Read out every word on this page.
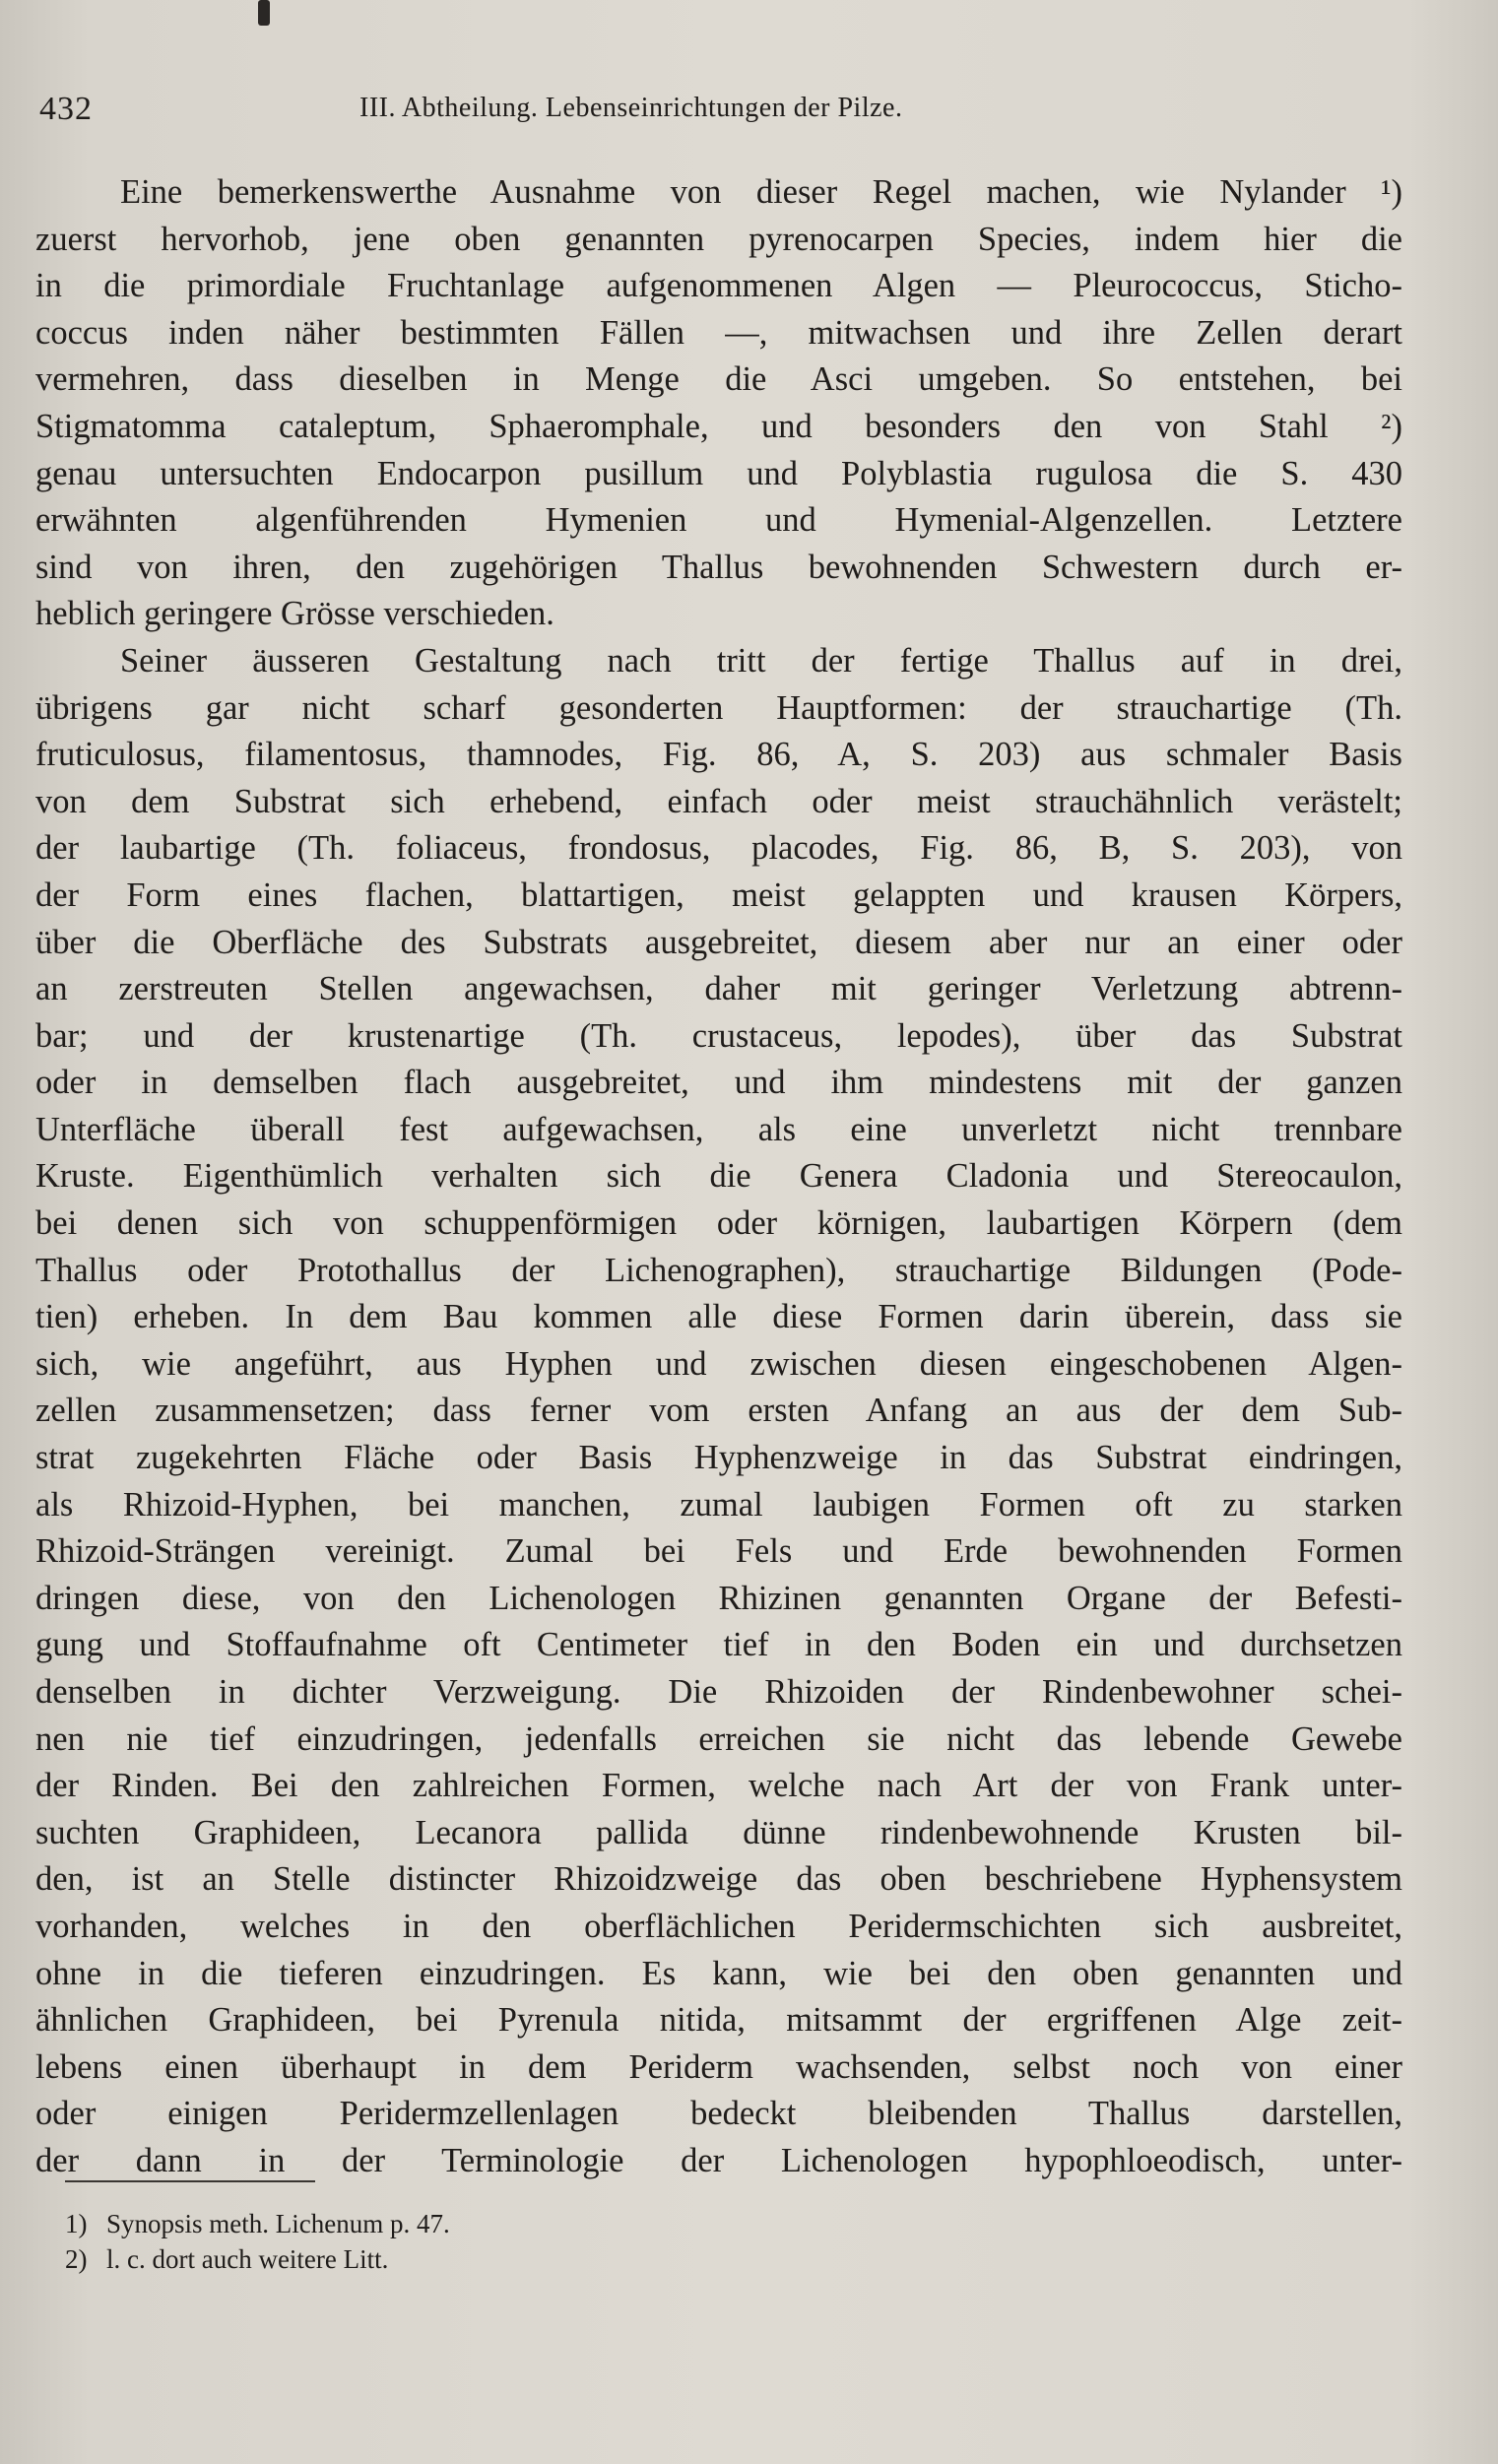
432	III. Abtheilung. Lebenseinrichtungen der Pilze.
Eine bemerkenswerthe Ausnahme von dieser Regel machen, wie Nylander ¹)
zuerst hervorhob, jene oben genannten pyrenocarpen Species, indem hier die
in die primordiale Fruchtanlage aufgenommenen Algen — Pleurococcus, Sticho-
coccus inden näher bestimmten Fällen —, mitwachsen und ihre Zellen derart
vermehren, dass dieselben in Menge die Asci umgeben. So entstehen, bei
Stigmatomma cataleptum, Sphaeromphale, und besonders den von Stahl ²)
genau untersuchten Endocarpon pusillum und Polyblastia rugulosa die S. 430
erwähnten algenführenden Hymenien und Hymenial-Algenzellen. Letztere
sind von ihren, den zugehörigen Thallus bewohnenden Schwestern durch er-
heblich geringere Grösse verschieden.
Seiner äusseren Gestaltung nach tritt der fertige Thallus auf in drei,
übrigens gar nicht scharf gesonderten Hauptformen: der strauchartige (Th.
fruticulosus, filamentosus, thamnodes, Fig. 86, A, S. 203) aus schmaler Basis
von dem Substrat sich erhebend, einfach oder meist strauchähnlich verästelt;
der laubartige (Th. foliaceus, frondosus, placodes, Fig. 86, B, S. 203), von
der Form eines flachen, blattartigen, meist gelappten und krausen Körpers,
über die Oberfläche des Substrats ausgebreitet, diesem aber nur an einer oder
an zerstreuten Stellen angewachsen, daher mit geringer Verletzung abtrenn-
bar; und der krustenartige (Th. crustaceus, lepodes), über das Substrat
oder in demselben flach ausgebreitet, und ihm mindestens mit der ganzen
Unterfläche überall fest aufgewachsen, als eine unverletzt nicht trennbare
Kruste. Eigenthümlich verhalten sich die Genera Cladonia und Stereocaulon,
bei denen sich von schuppenförmigen oder körnigen, laubartigen Körpern (dem
Thallus oder Protothallus der Lichenographen), strauchartige Bildungen (Pode-
tien) erheben. In dem Bau kommen alle diese Formen darin überein, dass sie
sich, wie angeführt, aus Hyphen und zwischen diesen eingeschobenen Algen-
zellen zusammensetzen; dass ferner vom ersten Anfang an aus der dem Sub-
strat zugekehrten Fläche oder Basis Hyphenzweige in das Substrat eindringen,
als Rhizoid-Hyphen, bei manchen, zumal laubigen Formen oft zu starken
Rhizoid-Strängen vereinigt. Zumal bei Fels und Erde bewohnenden Formen
dringen diese, von den Lichenologen Rhizinen genannten Organe der Befesti-
gung und Stoffaufnahme oft Centimeter tief in den Boden ein und durchsetzen
denselben in dichter Verzweigung. Die Rhizoiden der Rindenbewohner schei-
nen nie tief einzudringen, jedenfalls erreichen sie nicht das lebende Gewebe
der Rinden. Bei den zahlreichen Formen, welche nach Art der von Frank unter-
suchten Graphideen, Lecanora pallida dünne rindenbewohnende Krusten bil-
den, ist an Stelle distincter Rhizoidzweige das oben beschriebene Hyphensystem
vorhanden, welches in den oberflächlichen Peridermschichten sich ausbreitet,
ohne in die tieferen einzudringen. Es kann, wie bei den oben genannten und
ähnlichen Graphideen, bei Pyrenula nitida, mitsammt der ergriffenen Alge zeit-
lebens einen überhaupt in dem Periderm wachsenden, selbst noch von einer
oder einigen Peridermzellenlagen bedeckt bleibenden Thallus darstellen,
der dann in der Terminologie der Lichenologen hypophloeodisch, unter-
1) Synopsis meth. Lichenum p. 47.
2) l. c. dort auch weitere Litt.
